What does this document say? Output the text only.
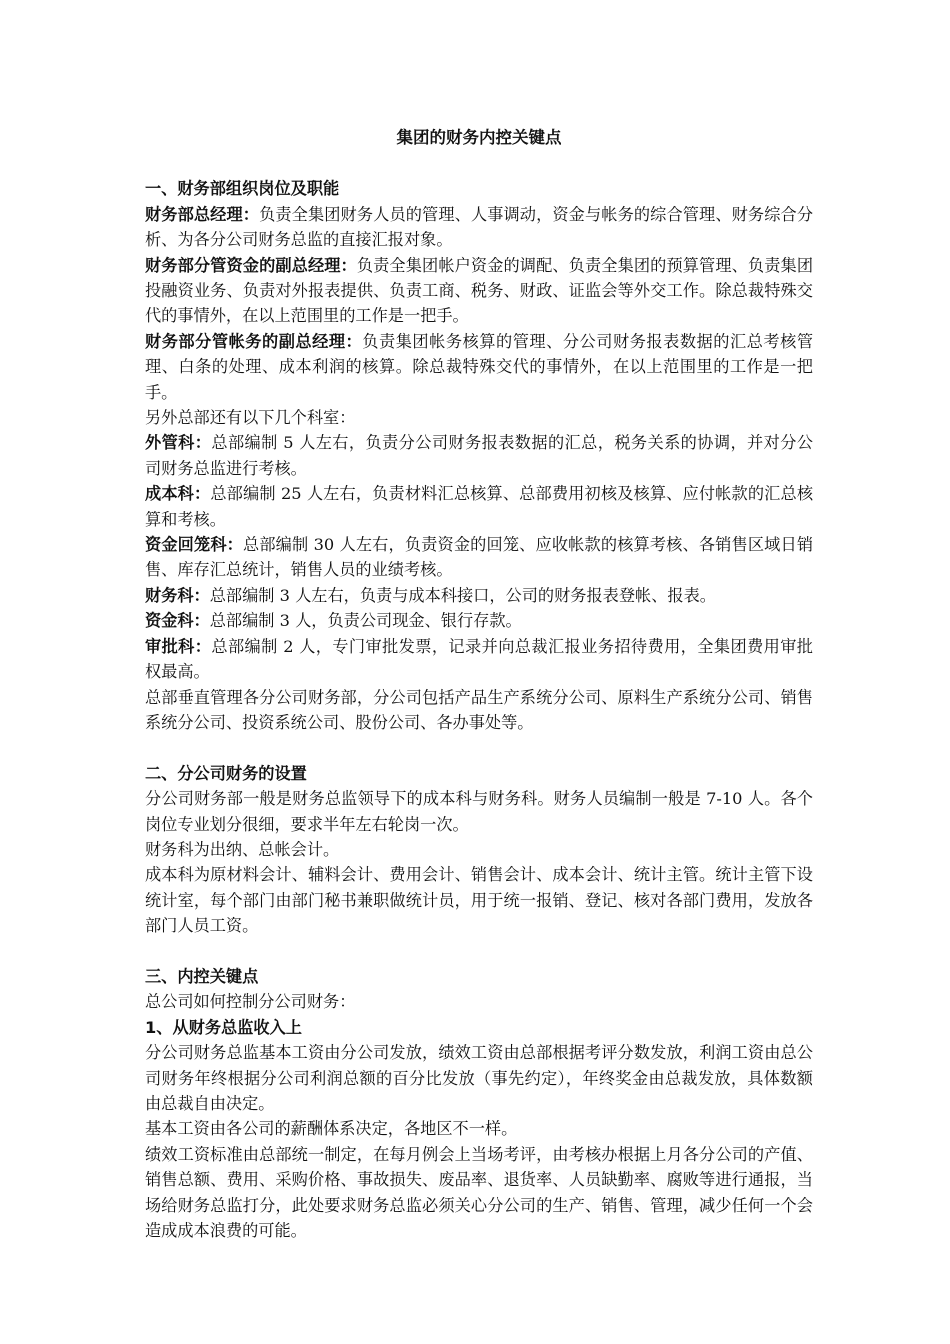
集团的财务内控关键点

一、财务部组织岗位及职能

财务部总经理：负责全集团财务人员的管理、人事调动，资金与帐务的综合管理、财务综合分析、为各分公司财务总监的直接汇报对象。

财务部分管资金的副总经理：负责全集团帐户资金的调配、负责全集团的预算管理、负责集团投融资业务、负责对外报表提供、负责工商、税务、财政、证监会等外交工作。除总裁特殊交代的事情外，在以上范围里的工作是一把手。

财务部分管帐务的副总经理：负责集团帐务核算的管理、分公司财务报表数据的汇总考核管理、白条的处理、成本利润的核算。除总裁特殊交代的事情外，在以上范围里的工作是一把手。

另外总部还有以下几个科室：

外管科：总部编制 5 人左右，负责分公司财务报表数据的汇总，税务关系的协调，并对分公司财务总监进行考核。

成本科：总部编制 25 人左右，负责材料汇总核算、总部费用初核及核算、应付帐款的汇总核算和考核。

资金回笼科：总部编制 30 人左右，负责资金的回笼、应收帐款的核算考核、各销售区域日销售、库存汇总统计，销售人员的业绩考核。

财务科：总部编制 3 人左右，负责与成本科接口，公司的财务报表登帐、报表。

资金科：总部编制 3 人，负责公司现金、银行存款。

审批科：总部编制 2 人，专门审批发票，记录并向总裁汇报业务招待费用，全集团费用审批权最高。

总部垂直管理各分公司财务部，分公司包括产品生产系统分公司、原料生产系统分公司、销售系统分公司、投资系统公司、股份公司、各办事处等。

二、分公司财务的设置

分公司财务部一般是财务总监领导下的成本科与财务科。财务人员编制一般是 7-10 人。各个岗位专业划分很细，要求半年左右轮岗一次。

财务科为出纳、总帐会计。

成本科为原材料会计、辅料会计、费用会计、销售会计、成本会计、统计主管。统计主管下设统计室，每个部门由部门秘书兼职做统计员，用于统一报销、登记、核对各部门费用，发放各部门人员工资。

三、内控关键点

总公司如何控制分公司财务：

1、从财务总监收入上

分公司财务总监基本工资由分公司发放，绩效工资由总部根据考评分数发放，利润工资由总公司财务年终根据分公司利润总额的百分比发放（事先约定），年终奖金由总裁发放，具体数额由总裁自由决定。

基本工资由各公司的薪酬体系决定，各地区不一样。

绩效工资标准由总部统一制定，在每月例会上当场考评，由考核办根据上月各分公司的产值、销售总额、费用、采购价格、事故损失、废品率、退货率、人员缺勤率、腐败等进行通报，当场给财务总监打分，此处要求财务总监必须关心分公司的生产、销售、管理，减少任何一个会造成成本浪费的可能。
